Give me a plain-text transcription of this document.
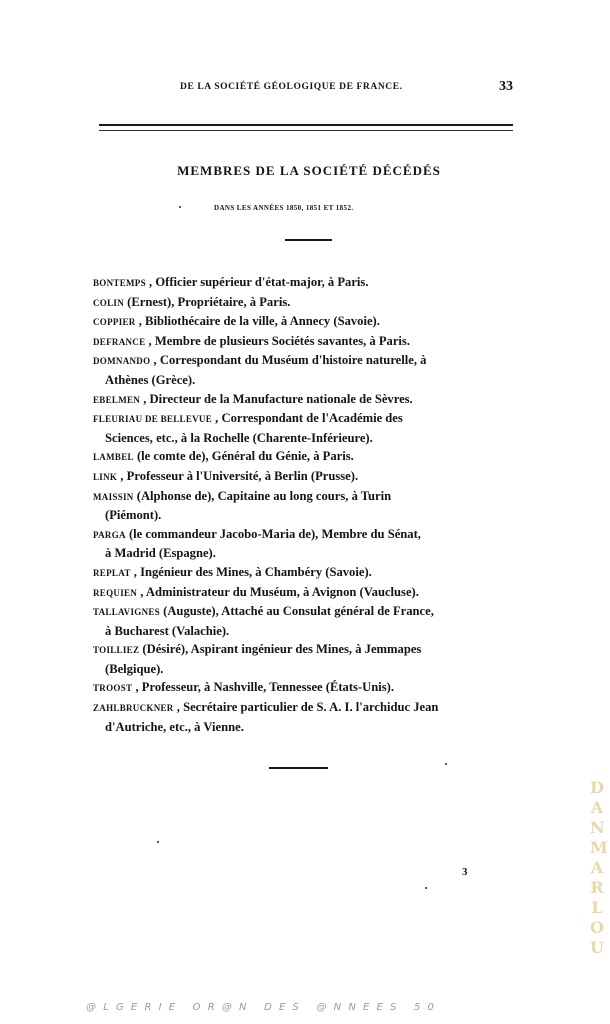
DE LA SOCIÉTÉ GÉOLOGIQUE DE FRANCE.	33
MEMBRES DE LA SOCIÉTÉ DÉCÉDÉS
DANS LES ANNÉES 1850, 1851 ET 1852.
BONTEMPS , Officier supérieur d'état-major, à Paris.
COLIN (Ernest), Propriétaire, à Paris.
COPPIER , Bibliothécaire de la ville, à Annecy (Savoie).
DEFRANCE , Membre de plusieurs Sociétés savantes, à Paris.
DOMNANDO , Correspondant du Muséum d'histoire naturelle, à
Athènes (Grèce).
EBELMEN , Directeur de la Manufacture nationale de Sèvres.
FLEURIAU DE BELLEVUE , Correspondant de l'Académie des
Sciences, etc., à la Rochelle (Charente-Inférieure).
LAMBEL (le comte de), Général du Génie, à Paris.
LINK , Professeur à l'Université, à Berlin (Prusse).
MAISSIN (Alphonse de), Capitaine au long cours, à Turin
(Piémont).
PARGA (le commandeur Jacobo-Maria de), Membre du Sénat,
à Madrid (Espagne).
REPLAT , Ingénieur des Mines, à Chambéry (Savoie).
REQUIEN , Administrateur du Muséum, à Avignon (Vaucluse).
TALLAVIGNES (Auguste), Attaché au Consulat général de France,
à Bucharest (Valachie).
TOILLIEZ (Désiré), Aspirant ingénieur des Mines, à Jemmapes
(Belgique).
TROOST , Professeur, à Nashville, Tennessee (États-Unis).
ZAHLBRUCKNER , Secrétaire particulier de S. A. I. l'archiduc Jean
d'Autriche, etc., à Vienne.
3
D
A
N
M
A
R
L
O
U
@LGERIE OR@N DES @NNEES 50
